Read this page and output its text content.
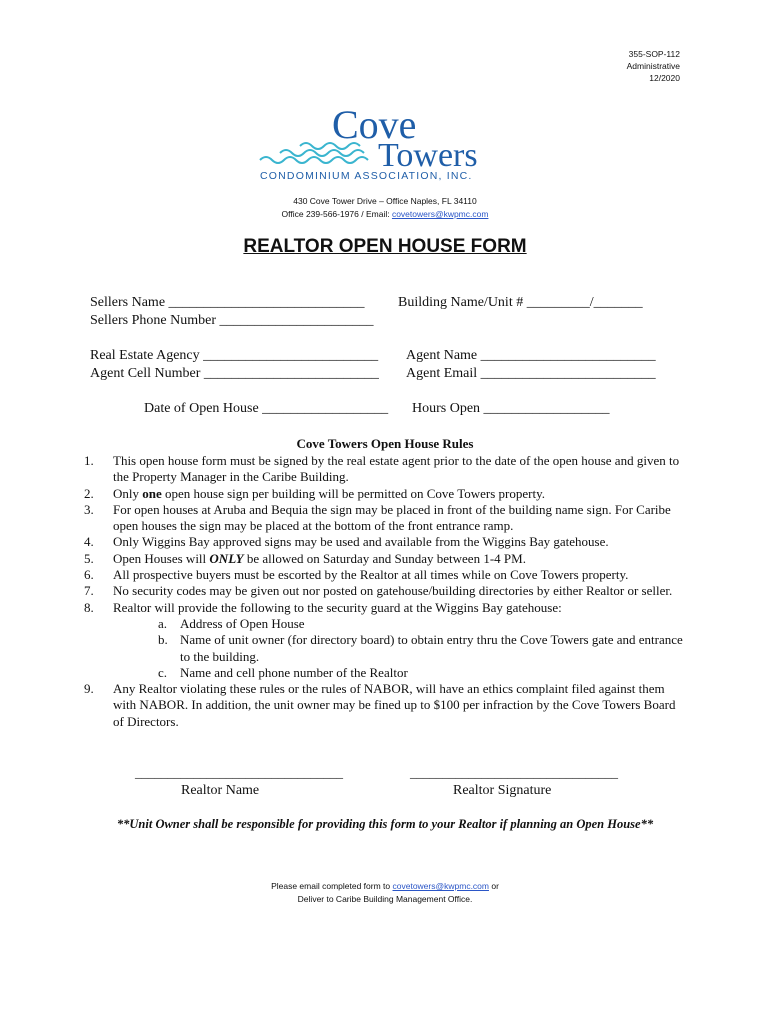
355-SOP-112
Administrative
12/2020
Cove
Towers
CONDOMINIUM ASSOCIATION, INC.
430 Cove Tower Drive – Office Naples, FL 34110
Office 239-566-1976 / Email: covetowers@kwpmc.com
REALTOR OPEN HOUSE FORM
Sellers Name ____________________________ Building Name/Unit # _________/_______
Sellers Phone Number ______________________
Real Estate Agency _________________________ Agent Name _________________________
Agent Cell Number _________________________ Agent Email _________________________
Date of Open House __________________ Hours Open __________________
Cove Towers Open House Rules
1.	This open house form must be signed by the real estate agent prior to the date of the open house and given to the Property Manager in the Caribe Building.
2.	Only one open house sign per building will be permitted on Cove Towers property.
3.	For open houses at Aruba and Bequia the sign may be placed in front of the building name sign. For Caribe open houses the sign may be placed at the bottom of the front entrance ramp.
4.	Only Wiggins Bay approved signs may be used and available from the Wiggins Bay gatehouse.
5.	Open Houses will ONLY be allowed on Saturday and Sunday between 1-4 PM.
6.	All prospective buyers must be escorted by the Realtor at all times while on Cove Towers property.
7.	No security codes may be given out nor posted on gatehouse/building directories by either Realtor or seller.
8.	Realtor will provide the following to the security guard at the Wiggins Bay gatehouse:
a. Address of Open House
b. Name of unit owner (for directory board) to obtain entry thru the Cove Towers gate and entrance to the building.
c. Name and cell phone number of the Realtor
9.	Any Realtor violating these rules or the rules of NABOR, will have an ethics complaint filed against them with NABOR. In addition, the unit owner may be fined up to $100 per infraction by the Cove Towers Board of Directors.
________________________________	________________________________
Realtor Name	Realtor Signature
**Unit Owner shall be responsible for providing this form to your Realtor if planning an Open House**
Please email completed form to covetowers@kwpmc.com or
Deliver to Caribe Building Management Office.
